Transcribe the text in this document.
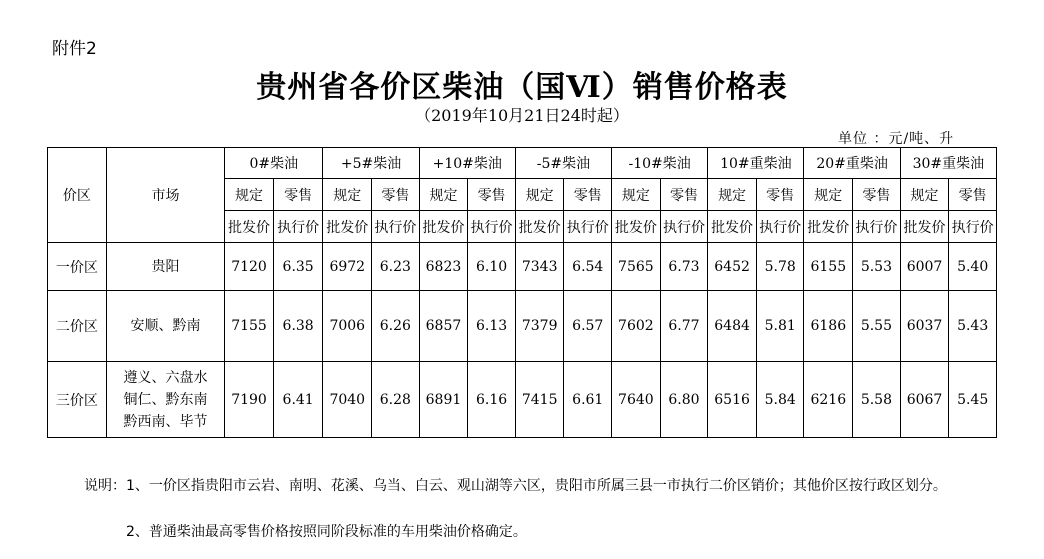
附件2
贵州省各价区柴油（国Ⅵ）销售价格表
（2019年10月21日24时起）
单位 ：元/吨、升
价区	市场	0#柴油		+5#柴油		+10#柴油		-5#柴油		-10#柴油		10#重柴油		20#重柴油		30#重柴油	
		规定	零售	规定	零售	规定	零售	规定	零售	规定	零售	规定	零售	规定	零售	规定	零售
		批发价	执行价	批发价	执行价	批发价	执行价	批发价	执行价	批发价	执行价	批发价	执行价	批发价	执行价	批发价	执行价
一价区	贵阳	7120	6.35	6972	6.23	6823	6.10	7343	6.54	7565	6.73	6452	5.78	6155	5.53	6007	5.40
二价区	安顺、黔南	7155	6.38	7006	6.26	6857	6.13	7379	6.57	7602	6.77	6484	5.81	6186	5.55	6037	5.43
三价区	遵义、六盘水
铜仁、黔东南
黔西南、毕节	7190	6.41	7040	6.28	6891	6.16	7415	6.61	7640	6.80	6516	5.84	6216	5.58	6067	5.45
说明：1、一价区指贵阳市云岩、南明、花溪、乌当、白云、观山湖等六区，贵阳市所属三县一市执行二价区销价；其他价区按行政区划分。
2、普通柴油最高零售价格按照同阶段标准的车用柴油价格确定。
